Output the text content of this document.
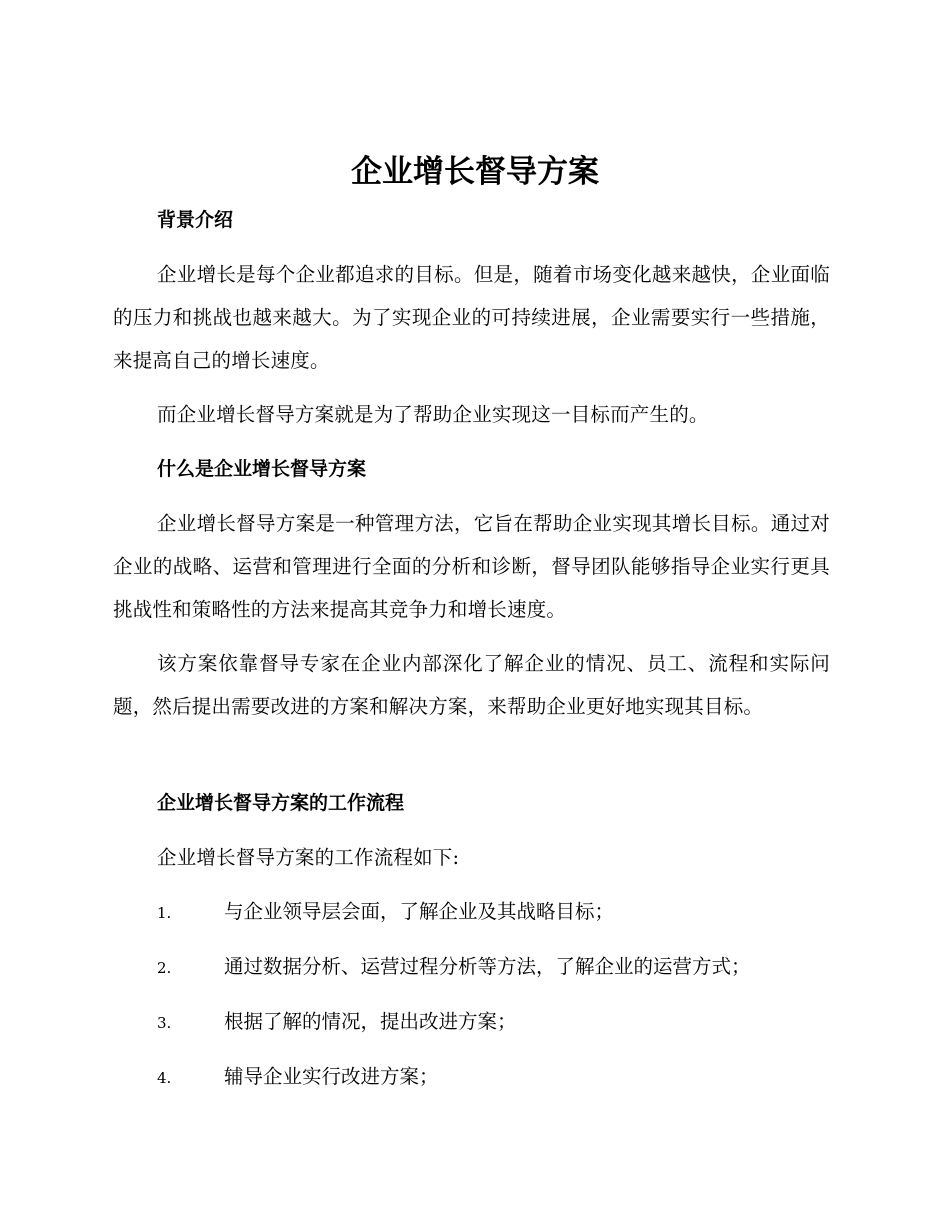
企业增长督导方案
背景介绍

企业增长是每个企业都追求的目标。但是，随着市场变化越来越快，企业面临的压力和挑战也越来越大。为了实现企业的可持续进展，企业需要实行一些措施，来提高自己的增长速度。

而企业增长督导方案就是为了帮助企业实现这一目标而产生的。

什么是企业增长督导方案

企业增长督导方案是一种管理方法，它旨在帮助企业实现其增长目标。通过对企业的战略、运营和管理进行全面的分析和诊断，督导团队能够指导企业实行更具挑战性和策略性的方法来提高其竞争力和增长速度。

该方案依靠督导专家在企业内部深化了解企业的情况、员工、流程和实际问题，然后提出需要改进的方案和解决方案，来帮助企业更好地实现其目标。

企业增长督导方案的工作流程

企业增长督导方案的工作流程如下:

1.	与企业领导层会面，了解企业及其战略目标；
2.	通过数据分析、运营过程分析等方法，了解企业的运营方式；
3.	根据了解的情况，提出改进方案；
4.	辅导企业实行改进方案；
